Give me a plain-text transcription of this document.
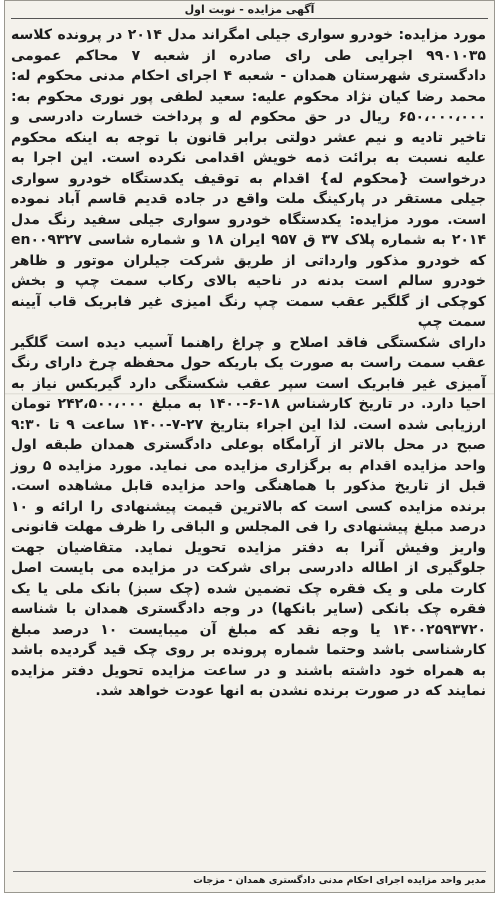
آگهی مزایده - نوبت اول

مورد مزایده: خودرو سواری جیلی امگراند مدل ۲۰۱۴ در پرونده کلاسه ۹۹۰۱۰۳۵ اجرایی طی رای صادره از شعبه ۷ محاکم عمومی دادگستری شهرستان همدان - شعبه ۴ اجرای احکام مدنی محکوم له: محمد رضا کیان نژاد محکوم علیه: سعید لطفی پور نوری محکوم به: ۶۵۰،۰۰۰،۰۰۰ ریال در حق محکوم له و پرداخت خسارت دادرسی و تاخیر تادیه و نیم عشر دولتی برابر قانون با توجه به اینکه محکوم علیه نسبت به برائت ذمه خویش اقدامی نکرده است. این اجرا به درخواست {محکوم له} اقدام به توقیف یکدستگاه خودرو سواری جیلی مستقر در پارکینگ ملت واقع در جاده قدیم قاسم آباد نموده است. مورد مزایده: یکدستگاه خودرو سواری جیلی سفید رنگ مدل ۲۰۱۴ به شماره پلاک ۳۷ ق ۹۵۷ ایران ۱۸ و شماره شاسی en۰۰۹۳۲۷ که خودرو مذکور وارداتی از طریق شرکت جیلران موتور و ظاهر خودرو سالم است بدنه در ناحیه بالای رکاب سمت چپ و بخش کوچکی از گلگیر عقب سمت چپ رنگ امیزی غیر فابریک قاب آیینه سمت چپ

دارای شکستگی فاقد اصلاح و چراغ راهنما آسیب دیده است گلگیر عقب سمت راست به صورت یک باریکه حول محفظه چرخ دارای رنگ آمیزی غیر فابریک است سپر عقب شکستگی دارد گیربکس نیاز به احیا دارد. در تاریخ کارشناس ۱۸-۶-۱۴۰۰ به مبلغ ۲۴۲،۵۰۰،۰۰۰ تومان ارزیابی شده است. لذا این اجراء بتاریخ ۲۷-۷-۱۴۰۰ ساعت ۹ تا ۹:۳۰ صبح در محل بالاتر از آرامگاه بوعلی دادگستری همدان طبقه اول واحد مزایده اقدام به برگزاری مزایده می نماید. مورد مزایده ۵ روز قبل از تاریخ مذکور با هماهنگی واحد مزایده قابل مشاهده است. برنده مزایده کسی است که بالاترین قیمت پیشنهادی را ارائه و ۱۰ درصد مبلغ پیشنهادی را فی المجلس و الباقی را ظرف مهلت قانونی واریز وفیش آنرا به دفتر مزایده تحویل نماید. متقاضیان جهت جلوگیری از اطاله دادرسی برای شرکت در مزایده می بایست اصل کارت ملی و یک فقره چک تضمین شده (چک سبز) بانک ملی یا یک فقره چک بانکی (سایر بانکها) در وجه دادگستری همدان با شناسه ۱۴۰۰۲۵۹۳۷۲۰ یا وجه نقد که مبلغ آن میبایست ۱۰ درصد مبلغ کارشناسی باشد وحتما شماره پرونده بر روی چک قید گردیده باشد به همراه خود داشته باشند و در ساعت مزایده تحویل دفتر مزایده نمایند که در صورت برنده نشدن به انها عودت خواهد شد.

مدیر واحد مزایده اجرای احکام مدنی دادگستری همدان - مزجات
